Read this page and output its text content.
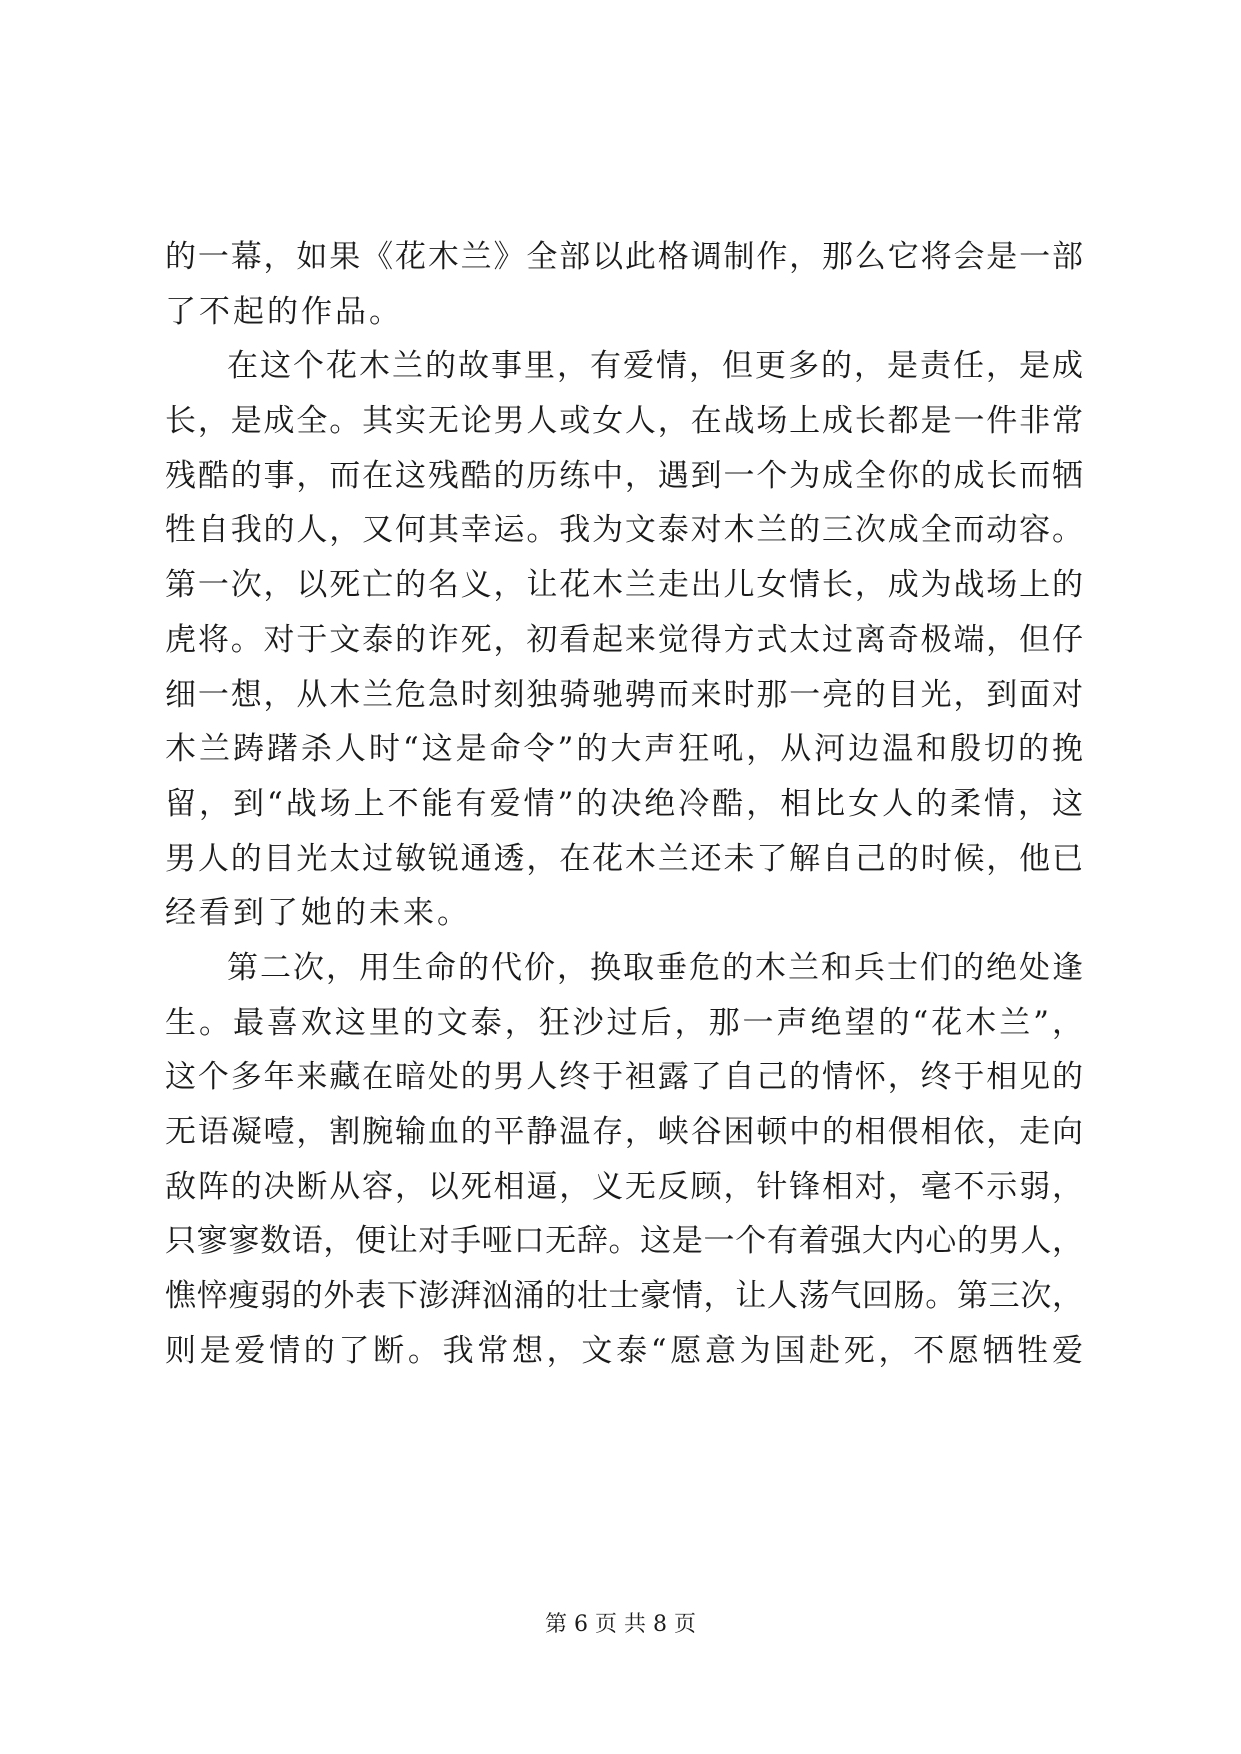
的一幕，如果《花木兰》全部以此格调制作，那么它将会是一部
了不起的作品。
在这个花木兰的故事里，有爱情，但更多的，是责任，是成
长，是成全。其实无论男人或女人，在战场上成长都是一件非常
残酷的事，而在这残酷的历练中，遇到一个为成全你的成长而牺
牲自我的人，又何其幸运。我为文泰对木兰的三次成全而动容。
第一次，以死亡的名义，让花木兰走出儿女情长，成为战场上的
虎将。对于文泰的诈死，初看起来觉得方式太过离奇极端，但仔
细一想，从木兰危急时刻独骑驰骋而来时那一亮的目光，到面对
木兰踌躇杀人时“这是命令”的大声狂吼，从河边温和殷切的挽
留，到“战场上不能有爱情”的决绝冷酷，相比女人的柔情，这
男人的目光太过敏锐通透，在花木兰还未了解自己的时候，他已
经看到了她的未来。
第二次，用生命的代价，换取垂危的木兰和兵士们的绝处逢
生。最喜欢这里的文泰，狂沙过后，那一声绝望的“花木兰”，
这个多年来藏在暗处的男人终于袒露了自己的情怀，终于相见的
无语凝噎，割腕输血的平静温存，峡谷困顿中的相偎相依，走向
敌阵的决断从容，以死相逼，义无反顾，针锋相对，毫不示弱，
只寥寥数语，便让对手哑口无辞。这是一个有着强大内心的男人，
憔悴瘦弱的外表下澎湃汹涌的壮士豪情，让人荡气回肠。第三次，
则是爱情的了断。我常想，文泰“愿意为国赴死，不愿牺牲爱
第 6 页 共 8 页
